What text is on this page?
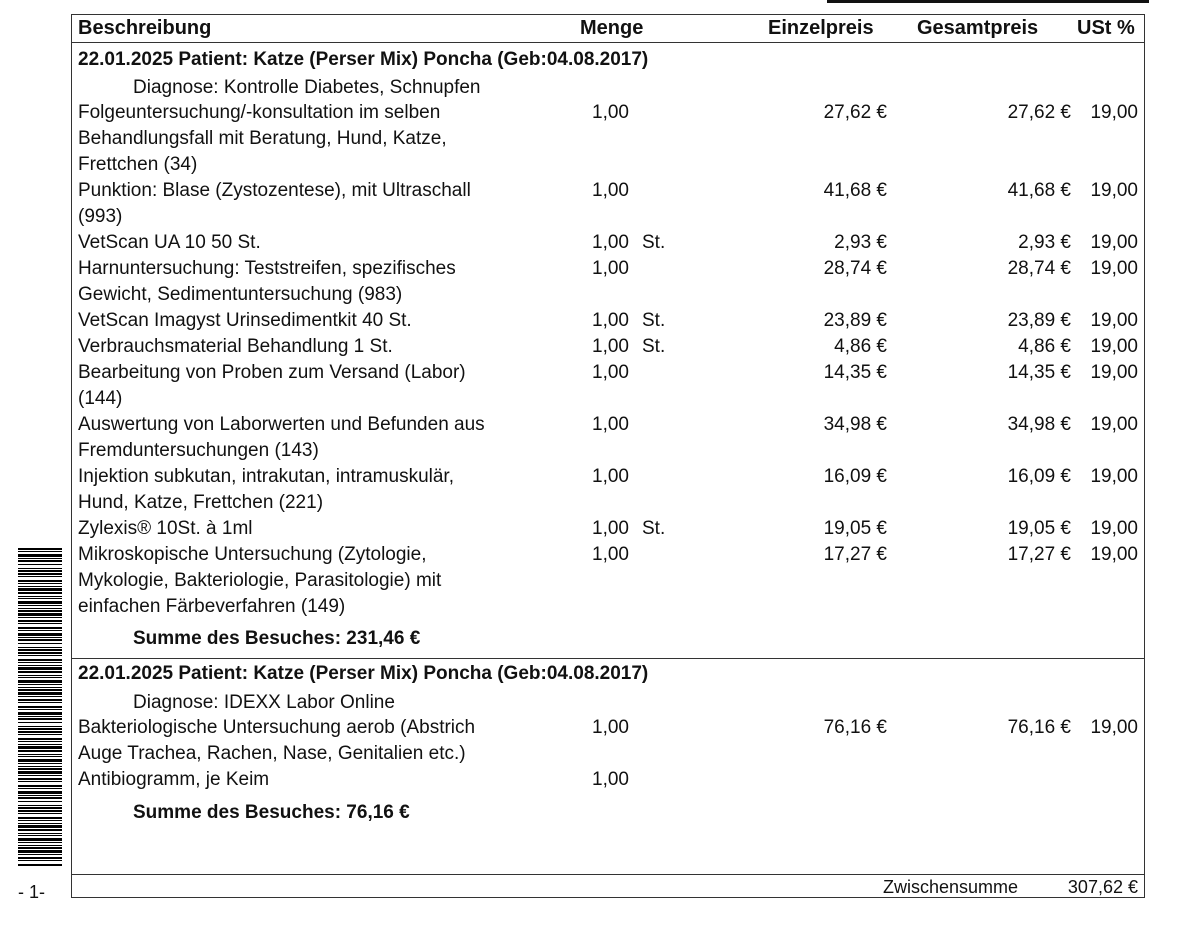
Beschreibung	Menge	Einzelpreis Gesamtpreis USt %
22.01.2025 Patient: Katze (Perser Mix) Poncha (Geb:04.08.2017)
Diagnose: Kontrolle Diabetes, Schnupfen
Folgeuntersuchung/-konsultation im selben
Behandlungsfall mit Beratung, Hund, Katze,
Frettchen (34)
1,00	27,62 €	27,62 € 19,00
Punktion: Blase (Zystozentese), mit Ultraschall
(993)
1,00	41,68 €	41,68 € 19,00
VetScan UA 10 50 St.	1,00 St.	2,93 €	2,93 € 19,00
Harnuntersuchung: Teststreifen, spezifisches
Gewicht, Sedimentuntersuchung (983)
1,00	28,74 €	28,74 € 19,00
VetScan Imagyst Urinsedimentkit 40 St.	1,00 St.	23,89 €	23,89 € 19,00
Verbrauchsmaterial Behandlung 1 St.	1,00 St.	4,86 €	4,86 € 19,00
Bearbeitung von Proben zum Versand (Labor)
(144)
1,00	14,35 €	14,35 € 19,00
Auswertung von Laborwerten und Befunden aus
Fremduntersuchungen (143)
1,00	34,98 €	34,98 € 19,00
Injektion subkutan, intrakutan, intramuskulär,
Hund, Katze, Frettchen (221)
1,00	16,09 €	16,09 € 19,00
Zylexis® 10St. à 1ml	1,00 St.	19,05 €	19,05 € 19,00
Mikroskopische Untersuchung (Zytologie,
Mykologie, Bakteriologie, Parasitologie) mit
einfachen Färbeverfahren (149)
1,00	17,27 €	17,27 € 19,00
Summe des Besuches: 231,46 €
22.01.2025 Patient: Katze (Perser Mix) Poncha (Geb:04.08.2017)
Diagnose: IDEXX Labor Online
Bakteriologische Untersuchung aerob (Abstrich
Auge Trachea, Rachen, Nase, Genitalien etc.)
1,00	76,16 €	76,16 € 19,00
Antibiogramm, je Keim	1,00
Summe des Besuches: 76,16 €
Zwischensumme	307,62 €
- 1-
